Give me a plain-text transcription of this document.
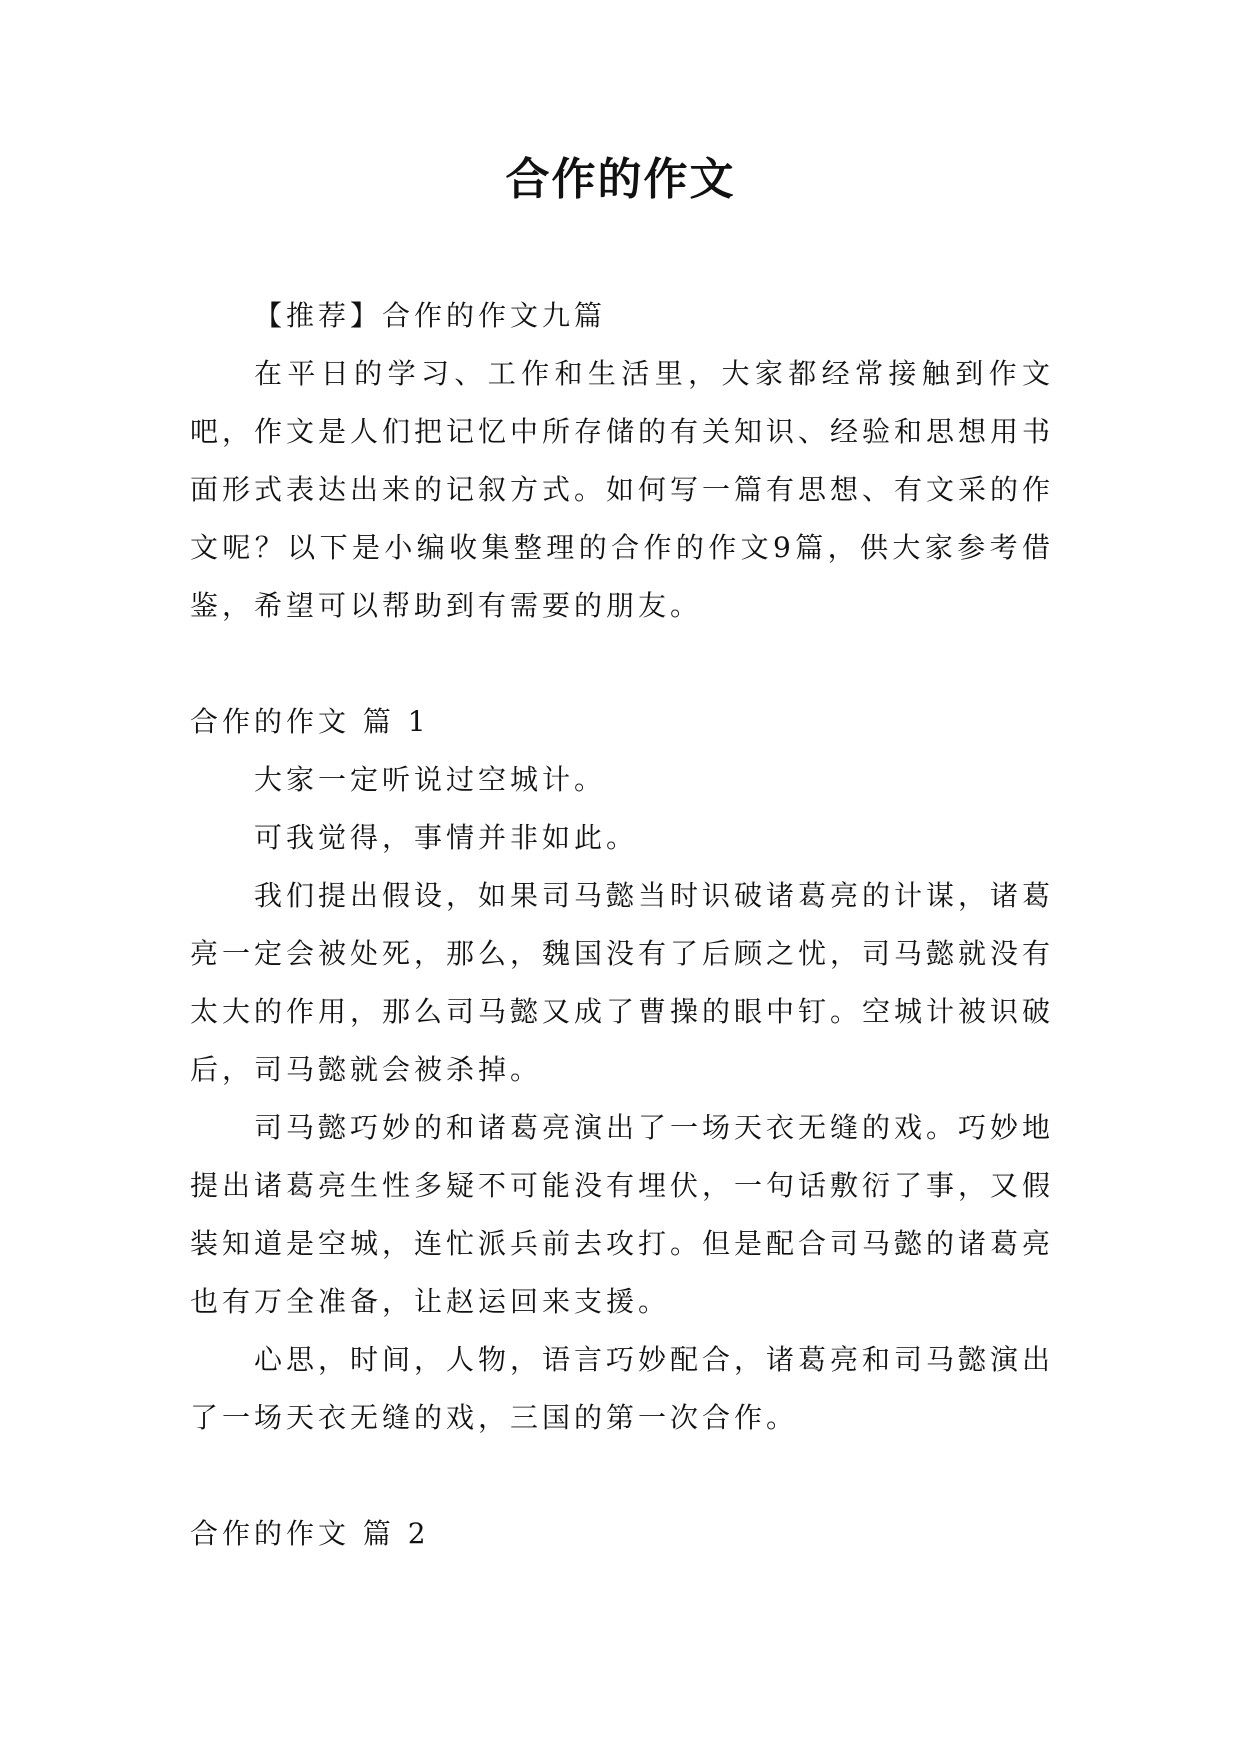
合作的作文

【推荐】合作的作文九篇

在平日的学习、工作和生活里，大家都经常接触到作文吧，作文是人们把记忆中所存储的有关知识、经验和思想用书面形式表达出来的记叙方式。如何写一篇有思想、有文采的作文呢？以下是小编收集整理的合作的作文9篇，供大家参考借鉴，希望可以帮助到有需要的朋友。

合作的作文 篇 1

大家一定听说过空城计。

可我觉得，事情并非如此。

我们提出假设，如果司马懿当时识破诸葛亮的计谋，诸葛亮一定会被处死，那么，魏国没有了后顾之忧，司马懿就没有太大的作用，那么司马懿又成了曹操的眼中钉。空城计被识破后，司马懿就会被杀掉。

司马懿巧妙的和诸葛亮演出了一场天衣无缝的戏。巧妙地提出诸葛亮生性多疑不可能没有埋伏，一句话敷衍了事，又假装知道是空城，连忙派兵前去攻打。但是配合司马懿的诸葛亮也有万全准备，让赵运回来支援。

心思，时间，人物，语言巧妙配合，诸葛亮和司马懿演出了一场天衣无缝的戏，三国的第一次合作。

合作的作文 篇 2
